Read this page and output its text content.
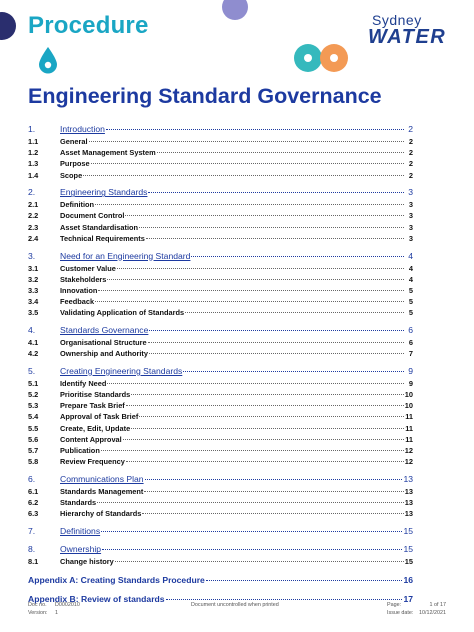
Procedure	Sydney
WATER
Engineering Standard Governance
1.	Introduction	2
1.1	General	2
1.2	Asset Management System	2
1.3	Purpose	2
1.4	Scope	2
2.	Engineering Standards	3
2.1	Definition	3
2.2	Document Control	3
2.3	Asset Standardisation	3
2.4	Technical Requirements	3
3.	Need for an Engineering Standard	4
3.1	Customer Value	4
3.2	Stakeholders	4
3.3	Innovation	5
3.4	Feedback	5
3.5	Validating Application of Standards	5
4.	Standards Governance	6
4.1	Organisational Structure	6
4.2	Ownership and Authority	7
5.	Creating Engineering Standards	9
5.1	Identify Need	9
5.2	Prioritise Standards	10
5.3	Prepare Task Brief	10
5.4	Approval of Task Brief	11
5.5	Create, Edit, Update	11
5.6	Content Approval	11
5.7	Publication	12
5.8	Review Frequency	12
6.	Communications Plan	13
6.1	Standards Management	13
6.2	Standards	13
6.3	Hierarchy of Standards	13
7.	Definitions	15
8.	Ownership	15
8.1	Change history	15
Appendix A: Creating Standards Procedure	16
Appendix B: Review of standards	17
Doc no.
Version:
D0002010
1
Document uncontrolled when printed	Page:
Issue date:
1 of 17
10/12/2021
